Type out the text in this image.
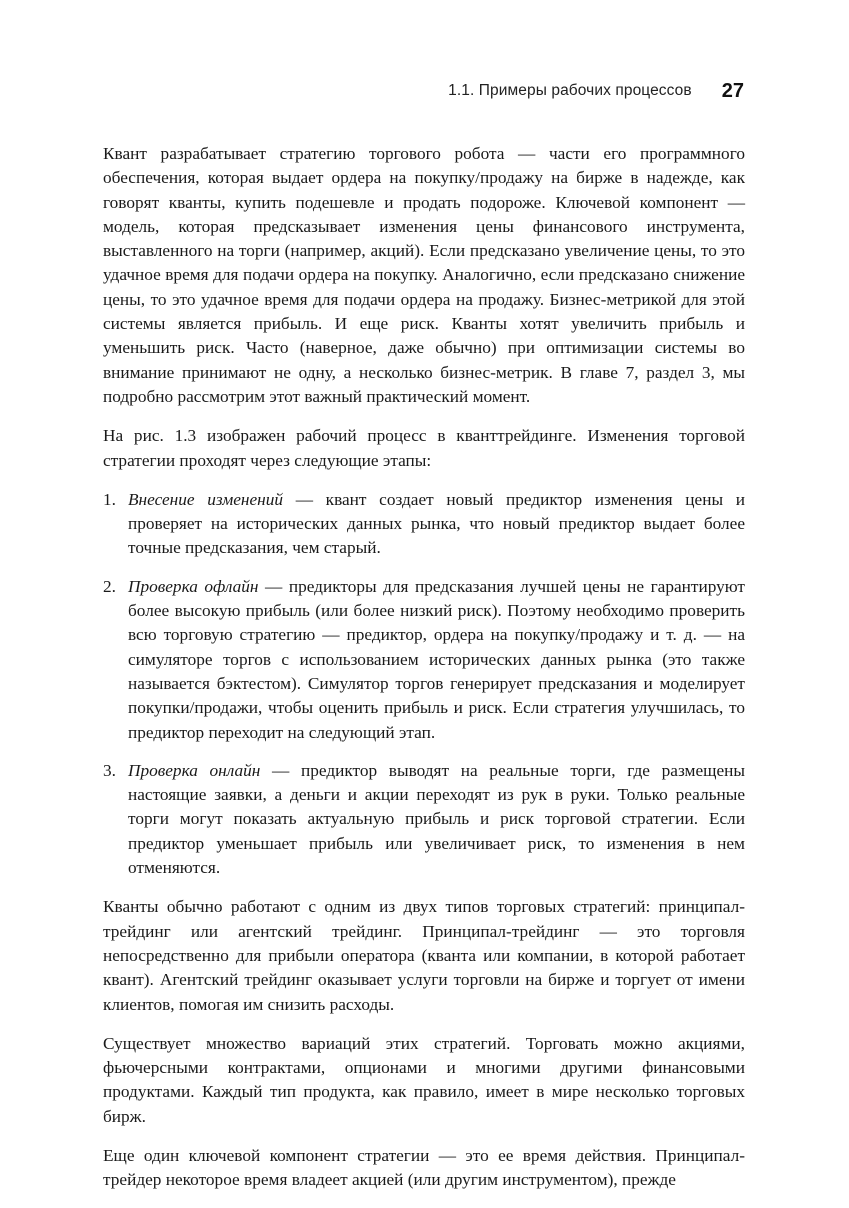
1.1. Примеры рабочих процессов 27

Квант разрабатывает стратегию торгового робота — части его программного обеспечения, которая выдает ордера на покупку/продажу на бирже в надежде, как говорят кванты, купить подешевле и продать подороже. Ключевой компонент — модель, которая предсказывает изменения цены финансового инструмента, выставленного на торги (например, акций). Если предсказано увеличение цены, то это удачное время для подачи ордера на покупку. Аналогично, если предсказано снижение цены, то это удачное время для подачи ордера на продажу. Бизнес-метрикой для этой системы является прибыль. И еще риск. Кванты хотят увеличить прибыль и уменьшить риск. Часто (наверное, даже обычно) при оптимизации системы во внимание принимают не одну, а несколько бизнес-метрик. В главе 7, раздел 3, мы подробно рассмотрим этот важный практический момент.

На рис. 1.3 изображен рабочий процесс в кванттрейдинге. Изменения торговой стратегии проходят через следующие этапы:

1. Внесение изменений — квант создает новый предиктор изменения цены и проверяет на исторических данных рынка, что новый предиктор выдает более точные предсказания, чем старый.
2. Проверка офлайн — предикторы для предсказания лучшей цены не гарантируют более высокую прибыль (или более низкий риск). Поэтому необходимо проверить всю торговую стратегию — предиктор, ордера на покупку/продажу и т. д. — на симуляторе торгов с использованием исторических данных рынка (это также называется бэктестом). Симулятор торгов генерирует предсказания и моделирует покупки/продажи, чтобы оценить прибыль и риск. Если стратегия улучшилась, то предиктор переходит на следующий этап.
3. Проверка онлайн — предиктор выводят на реальные торги, где размещены настоящие заявки, а деньги и акции переходят из рук в руки. Только реальные торги могут показать актуальную прибыль и риск торговой стратегии. Если предиктор уменьшает прибыль или увеличивает риск, то изменения в нем отменяются.

Кванты обычно работают с одним из двух типов торговых стратегий: принципал-трейдинг или агентский трейдинг. Принципал-трейдинг — это торговля непосредственно для прибыли оператора (кванта или компании, в которой работает квант). Агентский трейдинг оказывает услуги торговли на бирже и торгует от имени клиентов, помогая им снизить расходы.

Существует множество вариаций этих стратегий. Торговать можно акциями, фьючерсными контрактами, опционами и многими другими финансовыми продуктами. Каждый тип продукта, как правило, имеет в мире несколько торговых бирж.

Еще один ключевой компонент стратегии — это ее время действия. Принципал-трейдер некоторое время владеет акцией (или другим инструментом), прежде
